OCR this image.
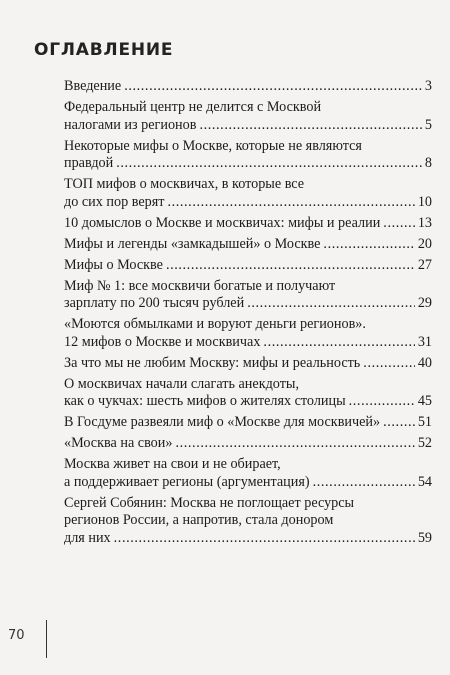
ОГЛАВЛЕНИЕ
Введение .....	3
Федеральный центр не делится с Москвой
налогами из регионов .....	5
Некоторые мифы о Москве, которые не являются
правдой .....	8
ТОП мифов о москвичах, в которые все
до сих пор верят .....	10
10 домыслов о Москве и москвичах: мифы и реалии .....	13
Мифы и легенды «замкадышей» о Москве .....	20
Мифы о Москве .....	27
Миф № 1: все москвичи богатые и получают
зарплату по 200 тысяч рублей .....	29
«Моются обмылками и воруют деньги регионов».
12 мифов о Москве и москвичах .....	31
За что мы не любим Москву: мифы и реальность .....	40
О москвичах начали слагать анекдоты,
как о чукчах: шесть мифов о жителях столицы .....	45
В Госдуме развеяли миф о «Москве для москвичей» .....	51
«Москва на свои» .....	52
Москва живет на свои и не обирает,
а поддерживает регионы (аргументация) .....	54
Сергей Собянин: Москва не поглощает ресурсы
регионов России, а напротив, стала донором
для них .....	59
70
